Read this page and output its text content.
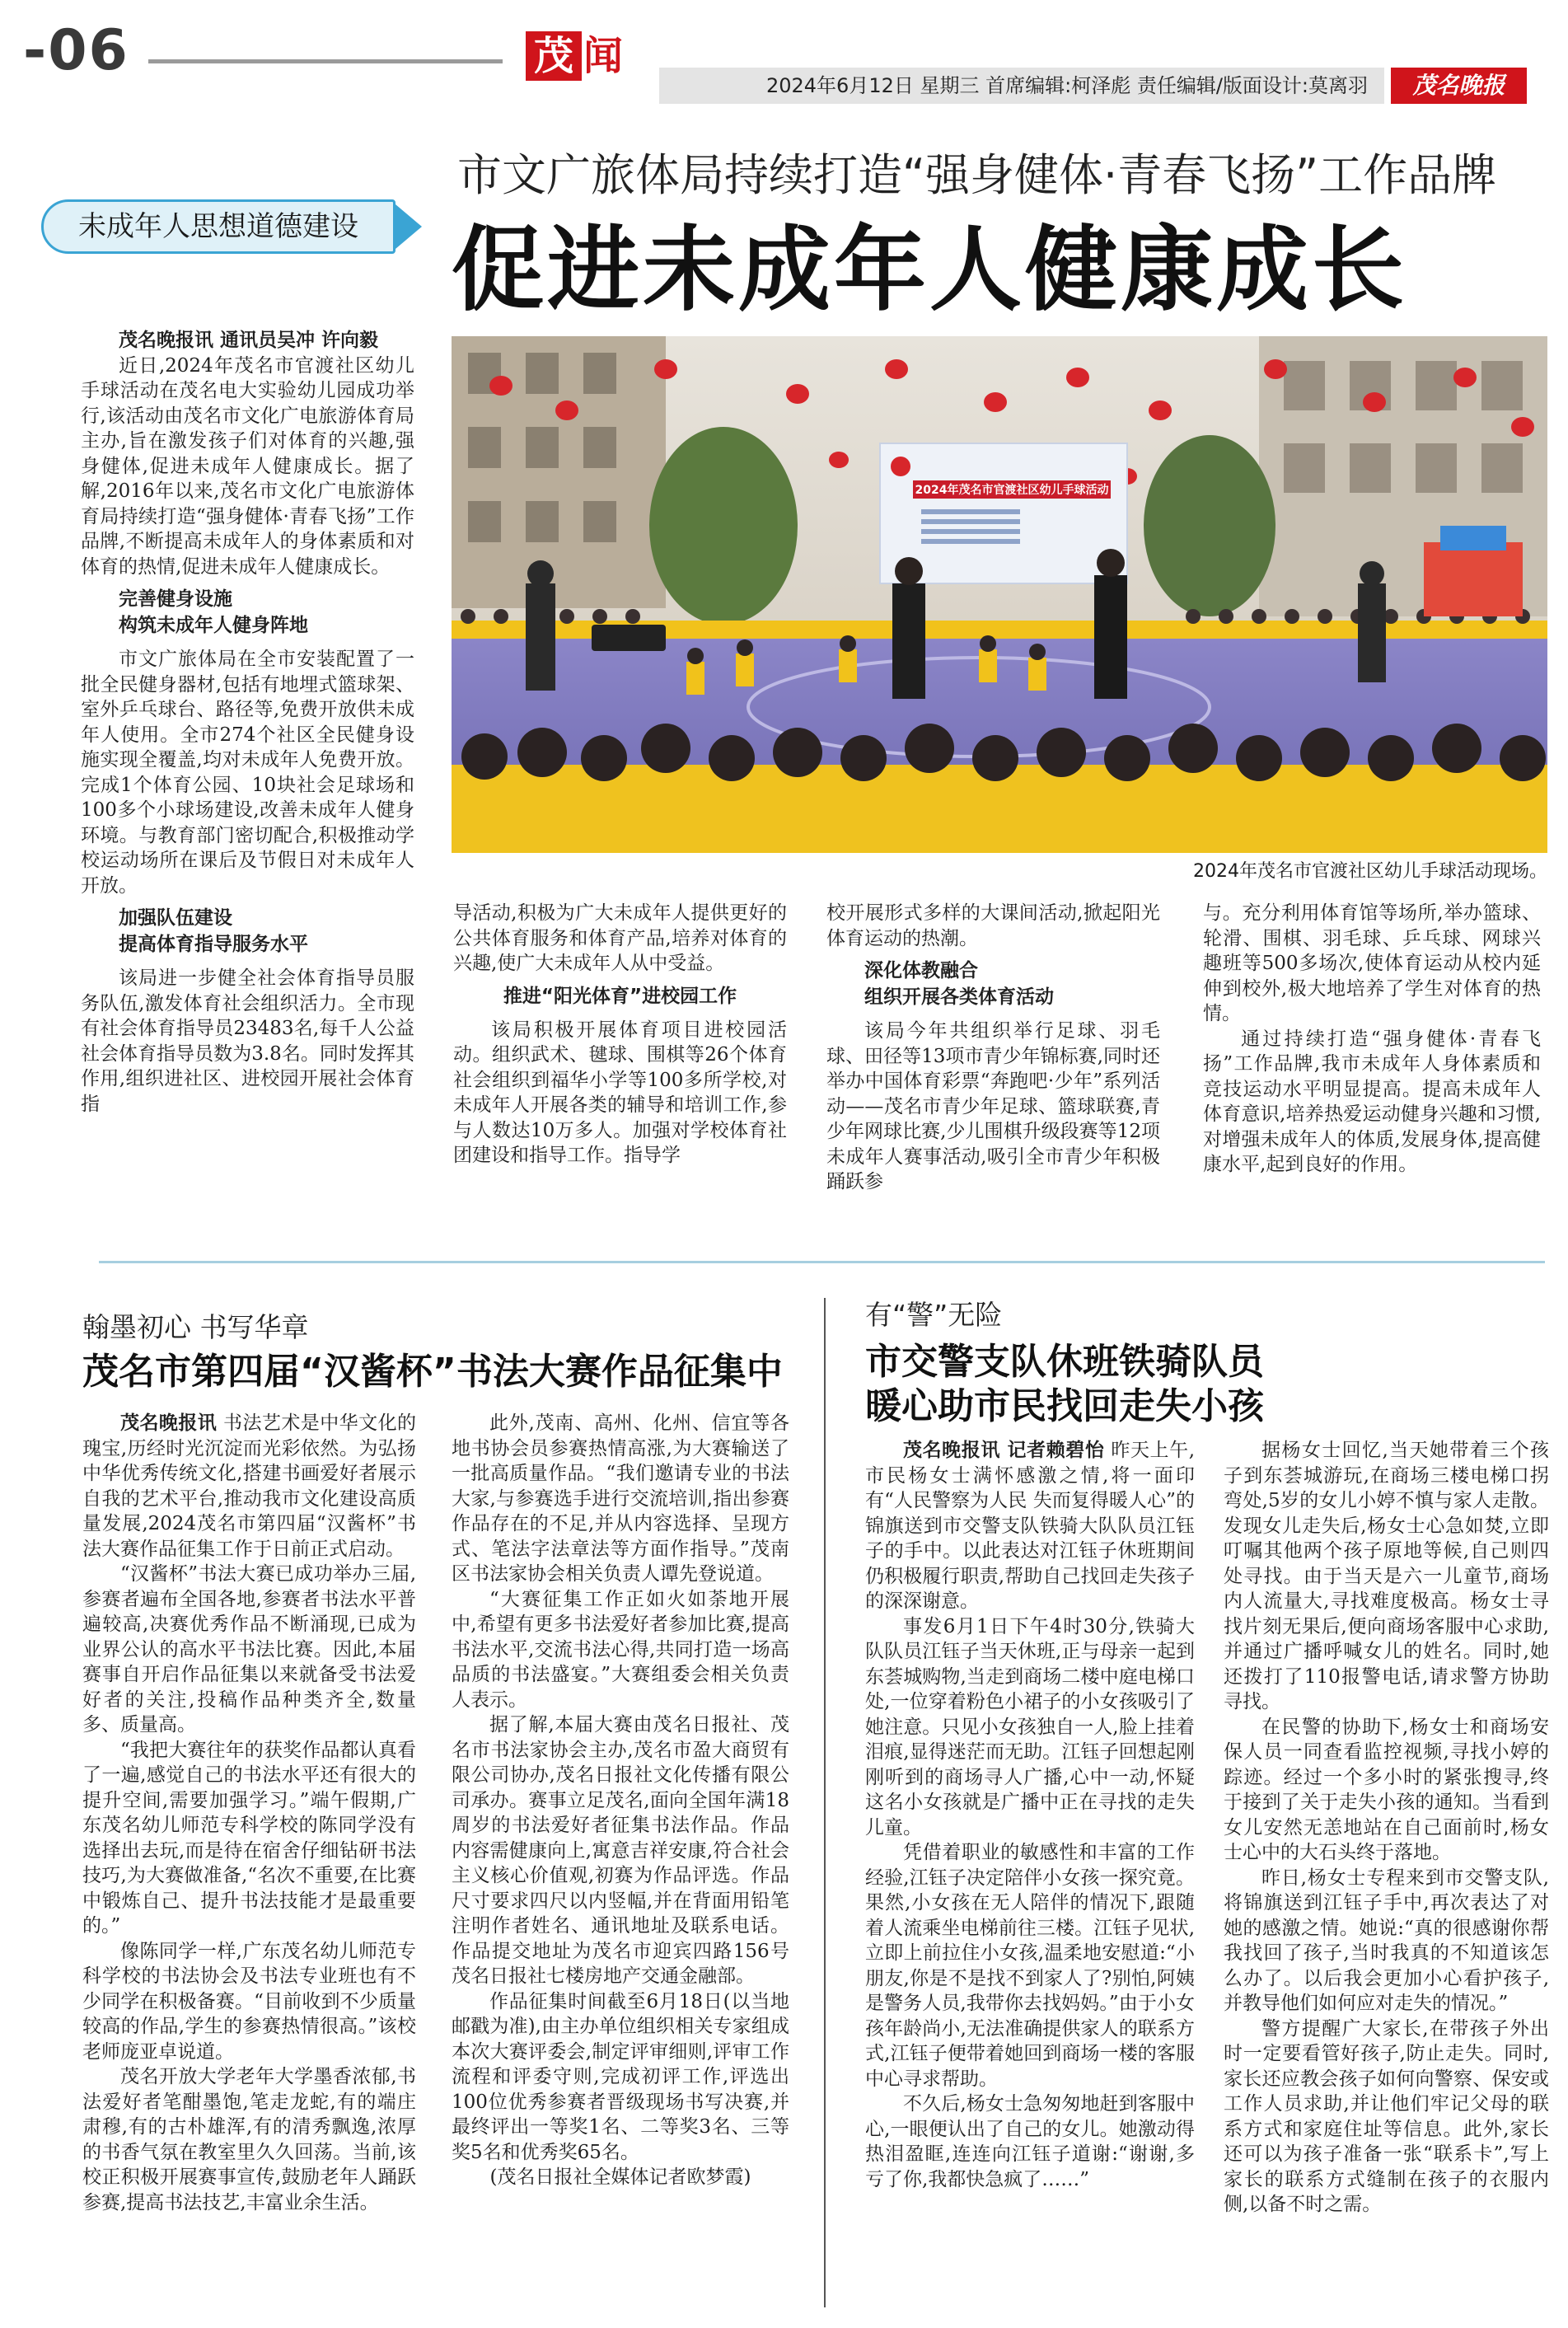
-06	茂 闻
2024年6月12日 星期三 首席编辑:柯泽彪 责任编辑/版面设计:莫离羽	茂名晚报
未成年人思想道德建设
市文广旅体局持续打造“强身健体·青春飞扬”工作品牌
促进未成年人健康成长
2024年茂名市官渡社区幼儿手球活动
2024年茂名市官渡社区幼儿手球活动现场。

茂名晚报讯 通讯员吴冲 许向毅

近日,2024年茂名市官渡社区幼儿手球活动在茂名电大实验幼儿园成功举行,该活动由茂名市文化广电旅游体育局主办,旨在激发孩子们对体育的兴趣,强身健体,促进未成年人健康成长。据了解,2016年以来,茂名市文化广电旅游体育局持续打造“强身健体·青春飞扬”工作品牌,不断提高未成年人的身体素质和对体育的热情,促进未成年人健康成长。

完善健身设施
构筑未成年人健身阵地

市文广旅体局在全市安装配置了一批全民健身器材,包括有地埋式篮球架、室外乒乓球台、路径等,免费开放供未成年人使用。全市274个社区全民健身设施实现全覆盖,均对未成年人免费开放。完成1个体育公园、10块社会足球场和100多个小球场建设,改善未成年人健身环境。与教育部门密切配合,积极推动学校运动场所在课后及节假日对未成年人开放。

加强队伍建设
提高体育指导服务水平

该局进一步健全社会体育指导员服务队伍,激发体育社会组织活力。全市现有社会体育指导员23483名,每千人公益社会体育指导员数为3.8名。同时发挥其作用,组织进社区、进校园开展社会体育指

导活动,积极为广大未成年人提供更好的公共体育服务和体育产品,培养对体育的兴趣,使广大未成年人从中受益。

推进“阳光体育”进校园工作

该局积极开展体育项目进校园活动。组织武术、毽球、围棋等26个体育社会组织到福华小学等100多所学校,对未成年人开展各类的辅导和培训工作,参与人数达10万多人。加强对学校体育社团建设和指导工作。指导学

校开展形式多样的大课间活动,掀起阳光体育运动的热潮。

深化体教融合
组织开展各类体育活动

该局今年共组织举行足球、羽毛球、田径等13项市青少年锦标赛,同时还举办中国体育彩票“奔跑吧·少年”系列活动——茂名市青少年足球、篮球联赛,青少年网球比赛,少儿围棋升级段赛等12项未成年人赛事活动,吸引全市青少年积极踊跃参

与。充分利用体育馆等场所,举办篮球、轮滑、围棋、羽毛球、乒乓球、网球兴趣班等500多场次,使体育运动从校内延伸到校外,极大地培养了学生对体育的热情。

通过持续打造“强身健体·青春飞扬”工作品牌,我市未成年人身体素质和竞技运动水平明显提高。提高未成年人体育意识,培养热爱运动健身兴趣和习惯,对增强未成年人的体质,发展身体,提高健康水平,起到良好的作用。

翰墨初心 书写华章
茂名市第四届“汉酱杯”书法大赛作品征集中

茂名晚报讯 书法艺术是中华文化的瑰宝,历经时光沉淀而光彩依然。为弘扬中华优秀传统文化,搭建书画爱好者展示自我的艺术平台,推动我市文化建设高质量发展,2024茂名市第四届“汉酱杯”书法大赛作品征集工作于日前正式启动。

“汉酱杯”书法大赛已成功举办三届,参赛者遍布全国各地,参赛者书法水平普遍较高,决赛优秀作品不断涌现,已成为业界公认的高水平书法比赛。因此,本届赛事自开启作品征集以来就备受书法爱好者的关注,投稿作品种类齐全,数量多、质量高。

“我把大赛往年的获奖作品都认真看了一遍,感觉自己的书法水平还有很大的提升空间,需要加强学习。”端午假期,广东茂名幼儿师范专科学校的陈同学没有选择出去玩,而是待在宿舍仔细钻研书法技巧,为大赛做准备,“名次不重要,在比赛中锻炼自己、提升书法技能才是最重要的。”

像陈同学一样,广东茂名幼儿师范专科学校的书法协会及书法专业班也有不少同学在积极备赛。“目前收到不少质量较高的作品,学生的参赛热情很高。”该校老师庞亚卓说道。

茂名开放大学老年大学墨香浓郁,书法爱好者笔酣墨饱,笔走龙蛇,有的端庄肃穆,有的古朴雄浑,有的清秀飘逸,浓厚的书香气氛在教室里久久回荡。当前,该校正积极开展赛事宣传,鼓励老年人踊跃参赛,提高书法技艺,丰富业余生活。

此外,茂南、高州、化州、信宜等各地书协会员参赛热情高涨,为大赛输送了一批高质量作品。“我们邀请专业的书法大家,与参赛选手进行交流培训,指出参赛作品存在的不足,并从内容选择、呈现方式、笔法字法章法等方面作指导。”茂南区书法家协会相关负责人谭先登说道。

“大赛征集工作正如火如荼地开展中,希望有更多书法爱好者参加比赛,提高书法水平,交流书法心得,共同打造一场高品质的书法盛宴。”大赛组委会相关负责人表示。

据了解,本届大赛由茂名日报社、茂名市书法家协会主办,茂名市盈大商贸有限公司协办,茂名日报社文化传播有限公司承办。赛事立足茂名,面向全国年满18周岁的书法爱好者征集书法作品。作品内容需健康向上,寓意吉祥安康,符合社会主义核心价值观,初赛为作品评选。作品尺寸要求四尺以内竖幅,并在背面用铅笔注明作者姓名、通讯地址及联系电话。作品提交地址为茂名市迎宾四路156号茂名日报社七楼房地产交通金融部。

作品征集时间截至6月18日(以当地邮戳为准),由主办单位组织相关专家组成本次大赛评委会,制定评审细则,评审工作流程和评委守则,完成初评工作,评选出100位优秀参赛者晋级现场书写决赛,并最终评出一等奖1名、二等奖3名、三等奖5名和优秀奖65名。

(茂名日报社全媒体记者欧梦霞)

有“警”无险
市交警支队休班铁骑队员
暖心助市民找回走失小孩

茂名晚报讯 记者赖碧怡 昨天上午,市民杨女士满怀感激之情,将一面印有“人民警察为人民 失而复得暖人心”的锦旗送到市交警支队铁骑大队队员江钰子的手中。以此表达对江钰子休班期间仍积极履行职责,帮助自己找回走失孩子的深深谢意。

事发6月1日下午4时30分,铁骑大队队员江钰子当天休班,正与母亲一起到东荟城购物,当走到商场二楼中庭电梯口处,一位穿着粉色小裙子的小女孩吸引了她注意。只见小女孩独自一人,脸上挂着泪痕,显得迷茫而无助。江钰子回想起刚刚听到的商场寻人广播,心中一动,怀疑这名小女孩就是广播中正在寻找的走失儿童。

凭借着职业的敏感性和丰富的工作经验,江钰子决定陪伴小女孩一探究竟。果然,小女孩在无人陪伴的情况下,跟随着人流乘坐电梯前往三楼。江钰子见状,立即上前拉住小女孩,温柔地安慰道:“小朋友,你是不是找不到家人了?别怕,阿姨是警务人员,我带你去找妈妈。”由于小女孩年龄尚小,无法准确提供家人的联系方式,江钰子便带着她回到商场一楼的客服中心寻求帮助。

不久后,杨女士急匆匆地赶到客服中心,一眼便认出了自己的女儿。她激动得热泪盈眶,连连向江钰子道谢:“谢谢,多亏了你,我都快急疯了……”

据杨女士回忆,当天她带着三个孩子到东荟城游玩,在商场三楼电梯口拐弯处,5岁的女儿小婷不慎与家人走散。发现女儿走失后,杨女士心急如焚,立即叮嘱其他两个孩子原地等候,自己则四处寻找。由于当天是六一儿童节,商场内人流量大,寻找难度极高。杨女士寻找片刻无果后,便向商场客服中心求助,并通过广播呼喊女儿的姓名。同时,她还拨打了110报警电话,请求警方协助寻找。

在民警的协助下,杨女士和商场安保人员一同查看监控视频,寻找小婷的踪迹。经过一个多小时的紧张搜寻,终于接到了关于走失小孩的通知。当看到女儿安然无恙地站在自己面前时,杨女士心中的大石头终于落地。

昨日,杨女士专程来到市交警支队,将锦旗送到江钰子手中,再次表达了对她的感激之情。她说:“真的很感谢你帮我找回了孩子,当时我真的不知道该怎么办了。以后我会更加小心看护孩子,并教导他们如何应对走失的情况。”

警方提醒广大家长,在带孩子外出时一定要看管好孩子,防止走失。同时,家长还应教会孩子如何向警察、保安或工作人员求助,并让他们牢记父母的联系方式和家庭住址等信息。此外,家长还可以为孩子准备一张“联系卡”,写上家长的联系方式缝制在孩子的衣服内侧,以备不时之需。
